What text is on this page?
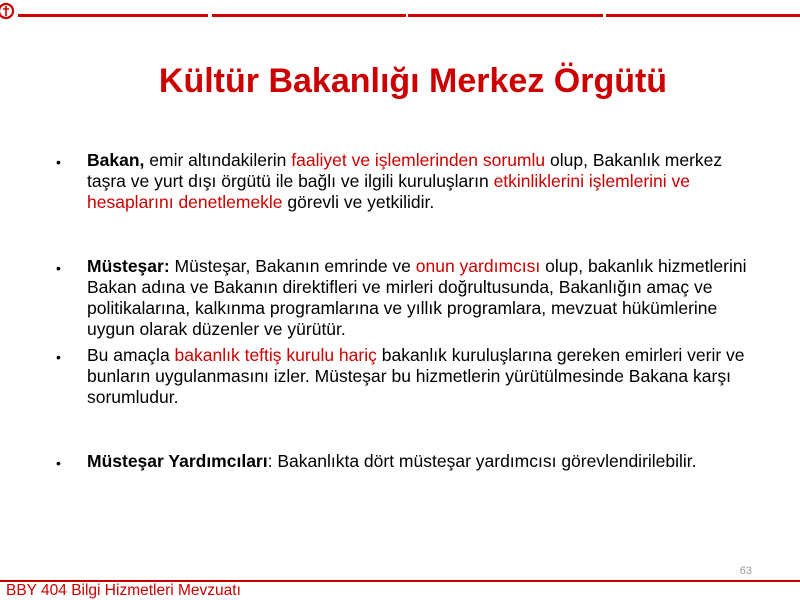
Kültür Bakanlığı Merkez Örgütü
• Bakan, emir altındakilerin faaliyet ve işlemlerinden sorumlu olup, Bakanlık merkez taşra ve yurt dışı örgütü ile bağlı ve ilgili kuruluşların etkinliklerini işlemlerini ve hesaplarını denetlemekle görevli ve yetkilidir.
• Müsteşar: Müsteşar, Bakanın emrinde ve onun yardımcısı olup, bakanlık hizmetlerini Bakan adına ve Bakanın direktifleri ve mirleri doğrultusunda, Bakanlığın amaç ve politikalarına, kalkınma programlarına ve yıllık programlara, mevzuat hükümlerine uygun olarak düzenler ve yürütür.
• Bu amaçla bakanlık teftiş kurulu hariç bakanlık kuruluşlarına gereken emirleri verir ve bunların uygulanmasını izler. Müsteşar bu hizmetlerin yürütülmesinde Bakana karşı sorumludur.
• Müsteşar Yardımcıları: Bakanlıkta dört müsteşar yardımcısı görevlendirilebilir.
63
BBY 404 Bilgi Hizmetleri Mevzuatı
